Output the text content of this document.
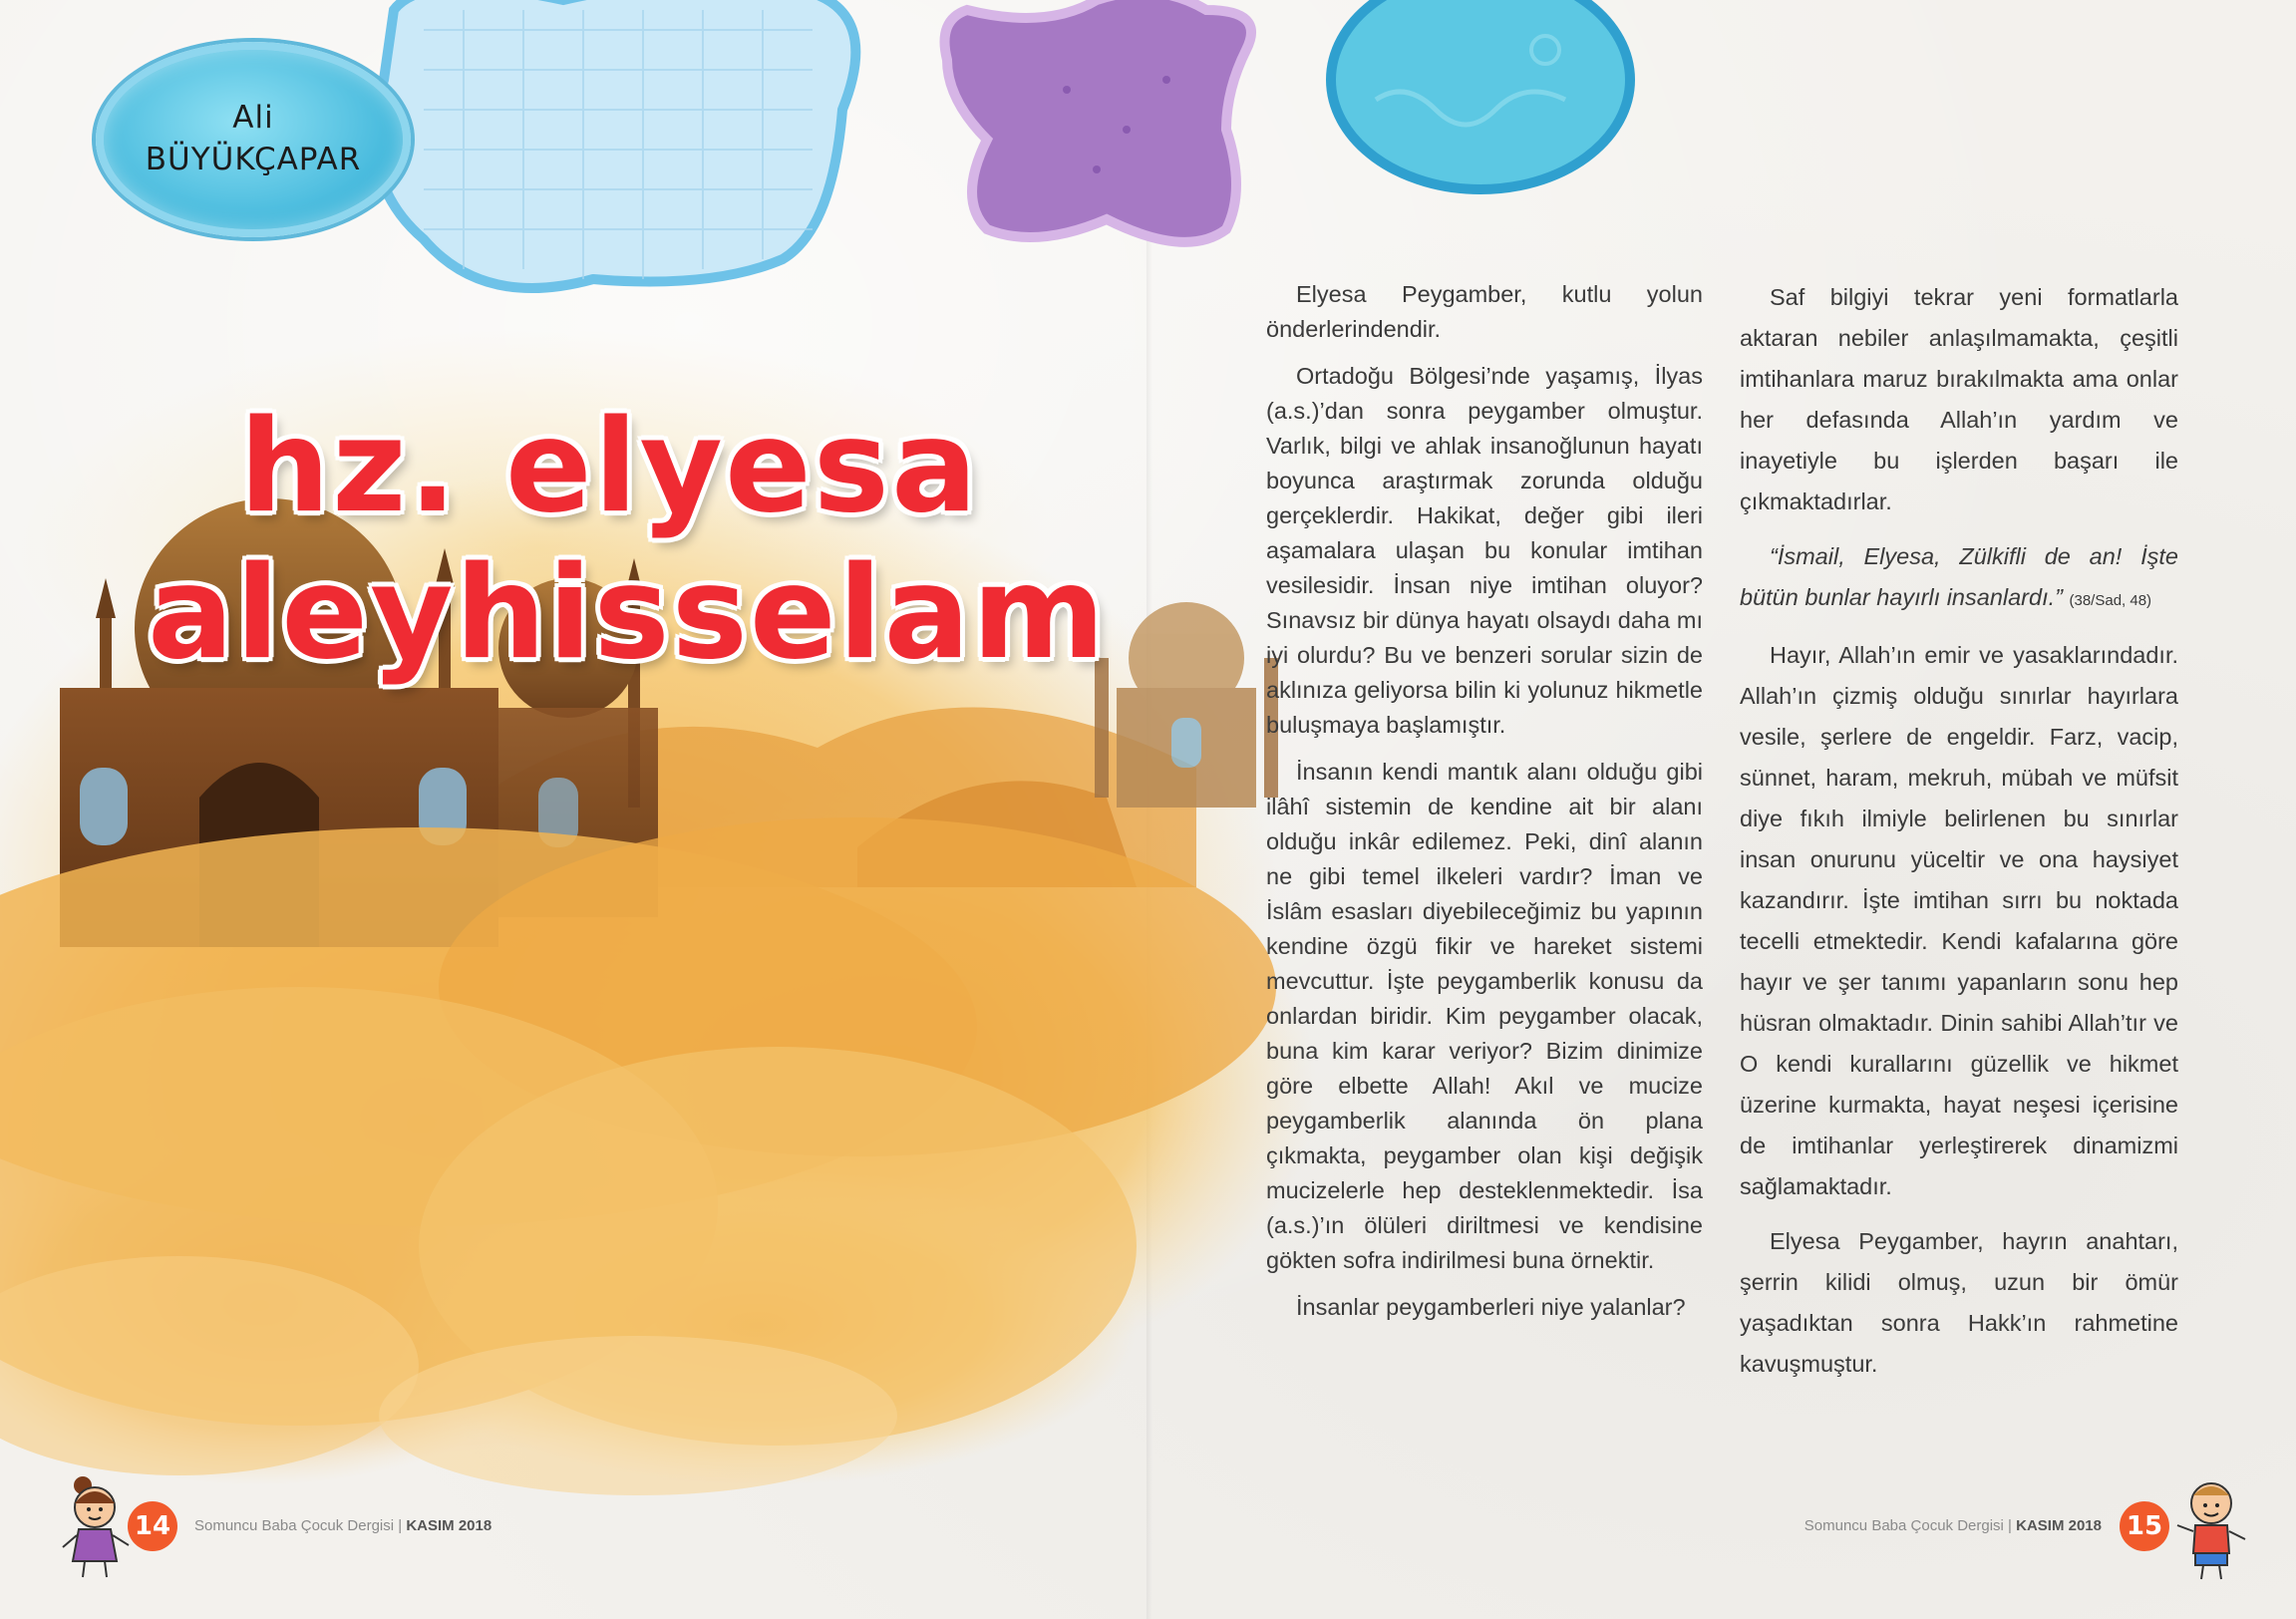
Ali
BÜYÜKÇAPAR
hz. elyesa
aleyhisselam

Elyesa Peygamber, kutlu yolun önderlerindendir.

Ortadoğu Bölgesi’nde yaşamış, İlyas (a.s.)’dan sonra peygamber olmuştur. Varlık, bilgi ve ahlak insanoğlunun hayatı boyunca araştırmak zorunda olduğu gerçeklerdir. Hakikat, değer gibi ileri aşamalara ulaşan bu konular imtihan vesilesidir. İnsan niye imtihan oluyor? Sınavsız bir dünya hayatı olsaydı daha mı iyi olurdu? Bu ve benzeri sorular sizin de aklınıza geliyorsa bilin ki yolunuz hikmetle buluşmaya başlamıştır.

İnsanın kendi mantık alanı olduğu gibi ilâhî sistemin de kendine ait bir alanı olduğu inkâr edilemez. Peki, dinî alanın ne gibi temel ilkeleri vardır? İman ve İslâm esasları diyebileceğimiz bu yapının kendine özgü fikir ve hareket sistemi mevcuttur. İşte peygamberlik konusu da onlardan biridir. Kim peygamber olacak, buna kim karar veriyor? Bizim dinimize göre elbette Allah! Akıl ve mucize peygamberlik alanında ön plana çıkmakta, peygamber olan kişi değişik mucizelerle hep desteklenmektedir. İsa (a.s.)’ın ölüleri diriltmesi ve kendisine gökten sofra indirilmesi buna örnektir.

İnsanlar peygamberleri niye yalanlar?

Saf bilgiyi tekrar yeni formatlarla aktaran nebiler anlaşılmamakta, çeşitli imtihanlara maruz bırakılmakta ama onlar her defasında Allah’ın yardım ve inayetiyle bu işlerden başarı ile çıkmaktadırlar.

“İsmail, Elyesa, Zülkifli de an! İşte bütün bunlar hayırlı insanlardı.” (38/Sad, 48)

Hayır, Allah’ın emir ve yasaklarındadır. Allah’ın çizmiş olduğu sınırlar hayırlara vesile, şerlere de engeldir. Farz, vacip, sünnet, haram, mekruh, mübah ve müfsit diye fıkıh ilmiyle belirlenen bu sınırlar insan onurunu yüceltir ve ona haysiyet kazandırır. İşte imtihan sırrı bu noktada tecelli etmektedir. Kendi kafalarına göre hayır ve şer tanımı yapanların sonu hep hüsran olmaktadır. Dinin sahibi Allah’tır ve O kendi kurallarını güzellik ve hikmet üzerine kurmakta, hayat neşesi içerisine de imtihanlar yerleştirerek dinamizmi sağlamaktadır.

Elyesa Peygamber, hayrın anahtarı, şerrin kilidi olmuş, uzun bir ömür yaşadıktan sonra Hakk’ın rahmetine kavuşmuştur.

14	Somuncu Baba Çocuk Dergisi | KASIM 2018	Somuncu Baba Çocuk Dergisi | KASIM 2018 15
